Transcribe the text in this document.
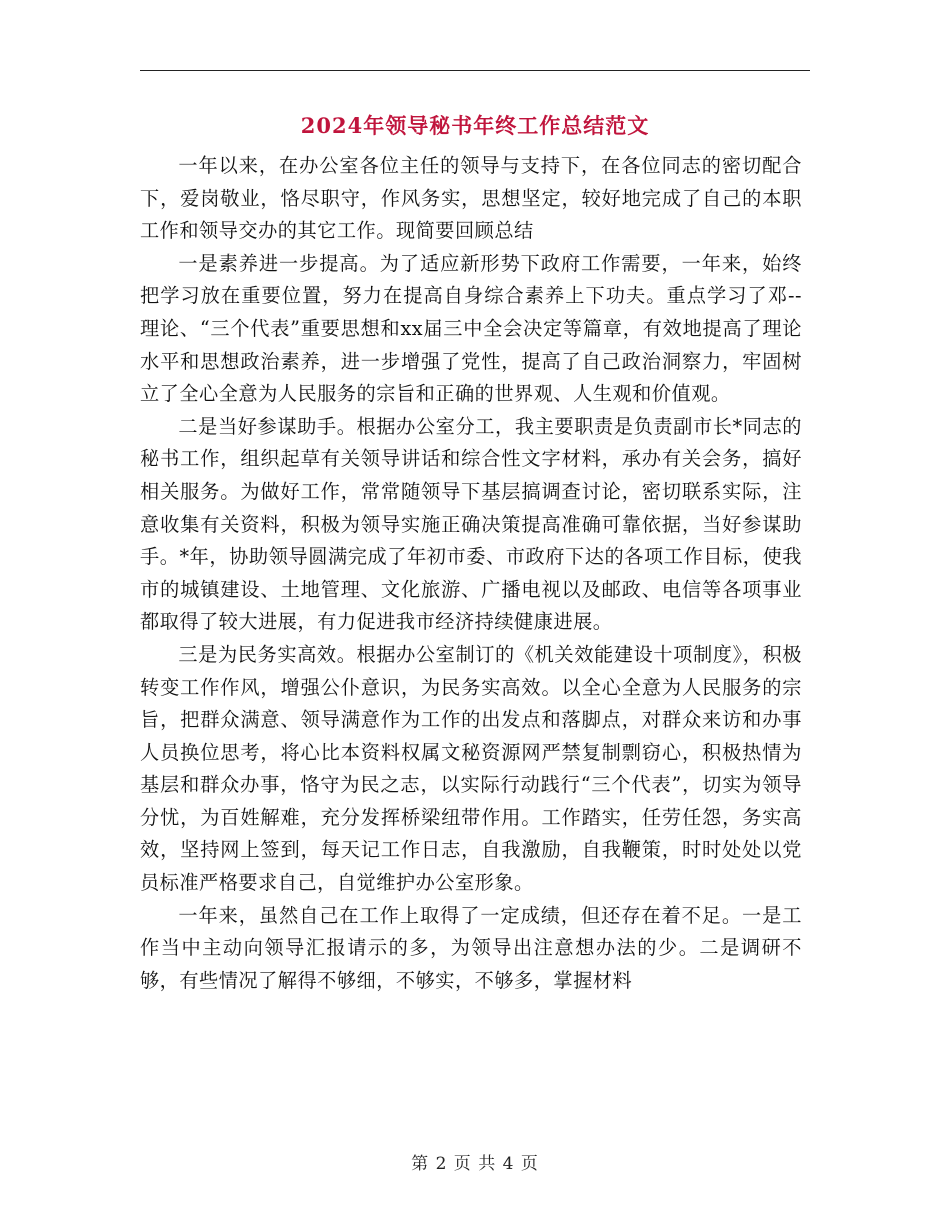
2024年领导秘书年终工作总结范文

一年以来，在办公室各位主任的领导与支持下，在各位同志的密切配合下，爱岗敬业，恪尽职守，作风务实，思想坚定，较好地完成了自己的本职工作和领导交办的其它工作。现简要回顾总结

一是素养进一步提高。为了适应新形势下政府工作需要，一年来，始终把学习放在重要位置，努力在提高自身综合素养上下功夫。重点学习了邓--理论、“三个代表”重要思想和xx届三中全会决定等篇章，有效地提高了理论水平和思想政治素养，进一步增强了党性，提高了自己政治洞察力，牢固树立了全心全意为人民服务的宗旨和正确的世界观、人生观和价值观。

二是当好参谋助手。根据办公室分工，我主要职责是负责副市长*同志的秘书工作，组织起草有关领导讲话和综合性文字材料，承办有关会务，搞好相关服务。为做好工作，常常随领导下基层搞调查讨论，密切联系实际，注意收集有关资料，积极为领导实施正确决策提高准确可靠依据，当好参谋助手。*年，协助领导圆满完成了年初市委、市政府下达的各项工作目标，使我市的城镇建设、土地管理、文化旅游、广播电视以及邮政、电信等各项事业都取得了较大进展，有力促进我市经济持续健康进展。

三是为民务实高效。根据办公室制订的《机关效能建设十项制度》，积极转变工作作风，增强公仆意识，为民务实高效。以全心全意为人民服务的宗旨，把群众满意、领导满意作为工作的出发点和落脚点，对群众来访和办事人员换位思考，将心比本资料权属文秘资源网严禁复制剽窃心，积极热情为基层和群众办事，恪守为民之志，以实际行动践行“三个代表”，切实为领导分忧，为百姓解难，充分发挥桥梁纽带作用。工作踏实，任劳任怨，务实高效，坚持网上签到，每天记工作日志，自我激励，自我鞭策，时时处处以党员标准严格要求自己，自觉维护办公室形象。

一年来，虽然自己在工作上取得了一定成绩，但还存在着不足。一是工作当中主动向领导汇报请示的多，为领导出注意想办法的少。二是调研不够，有些情况了解得不够细，不够实，不够多，掌握材料

第 2 页 共 4 页
